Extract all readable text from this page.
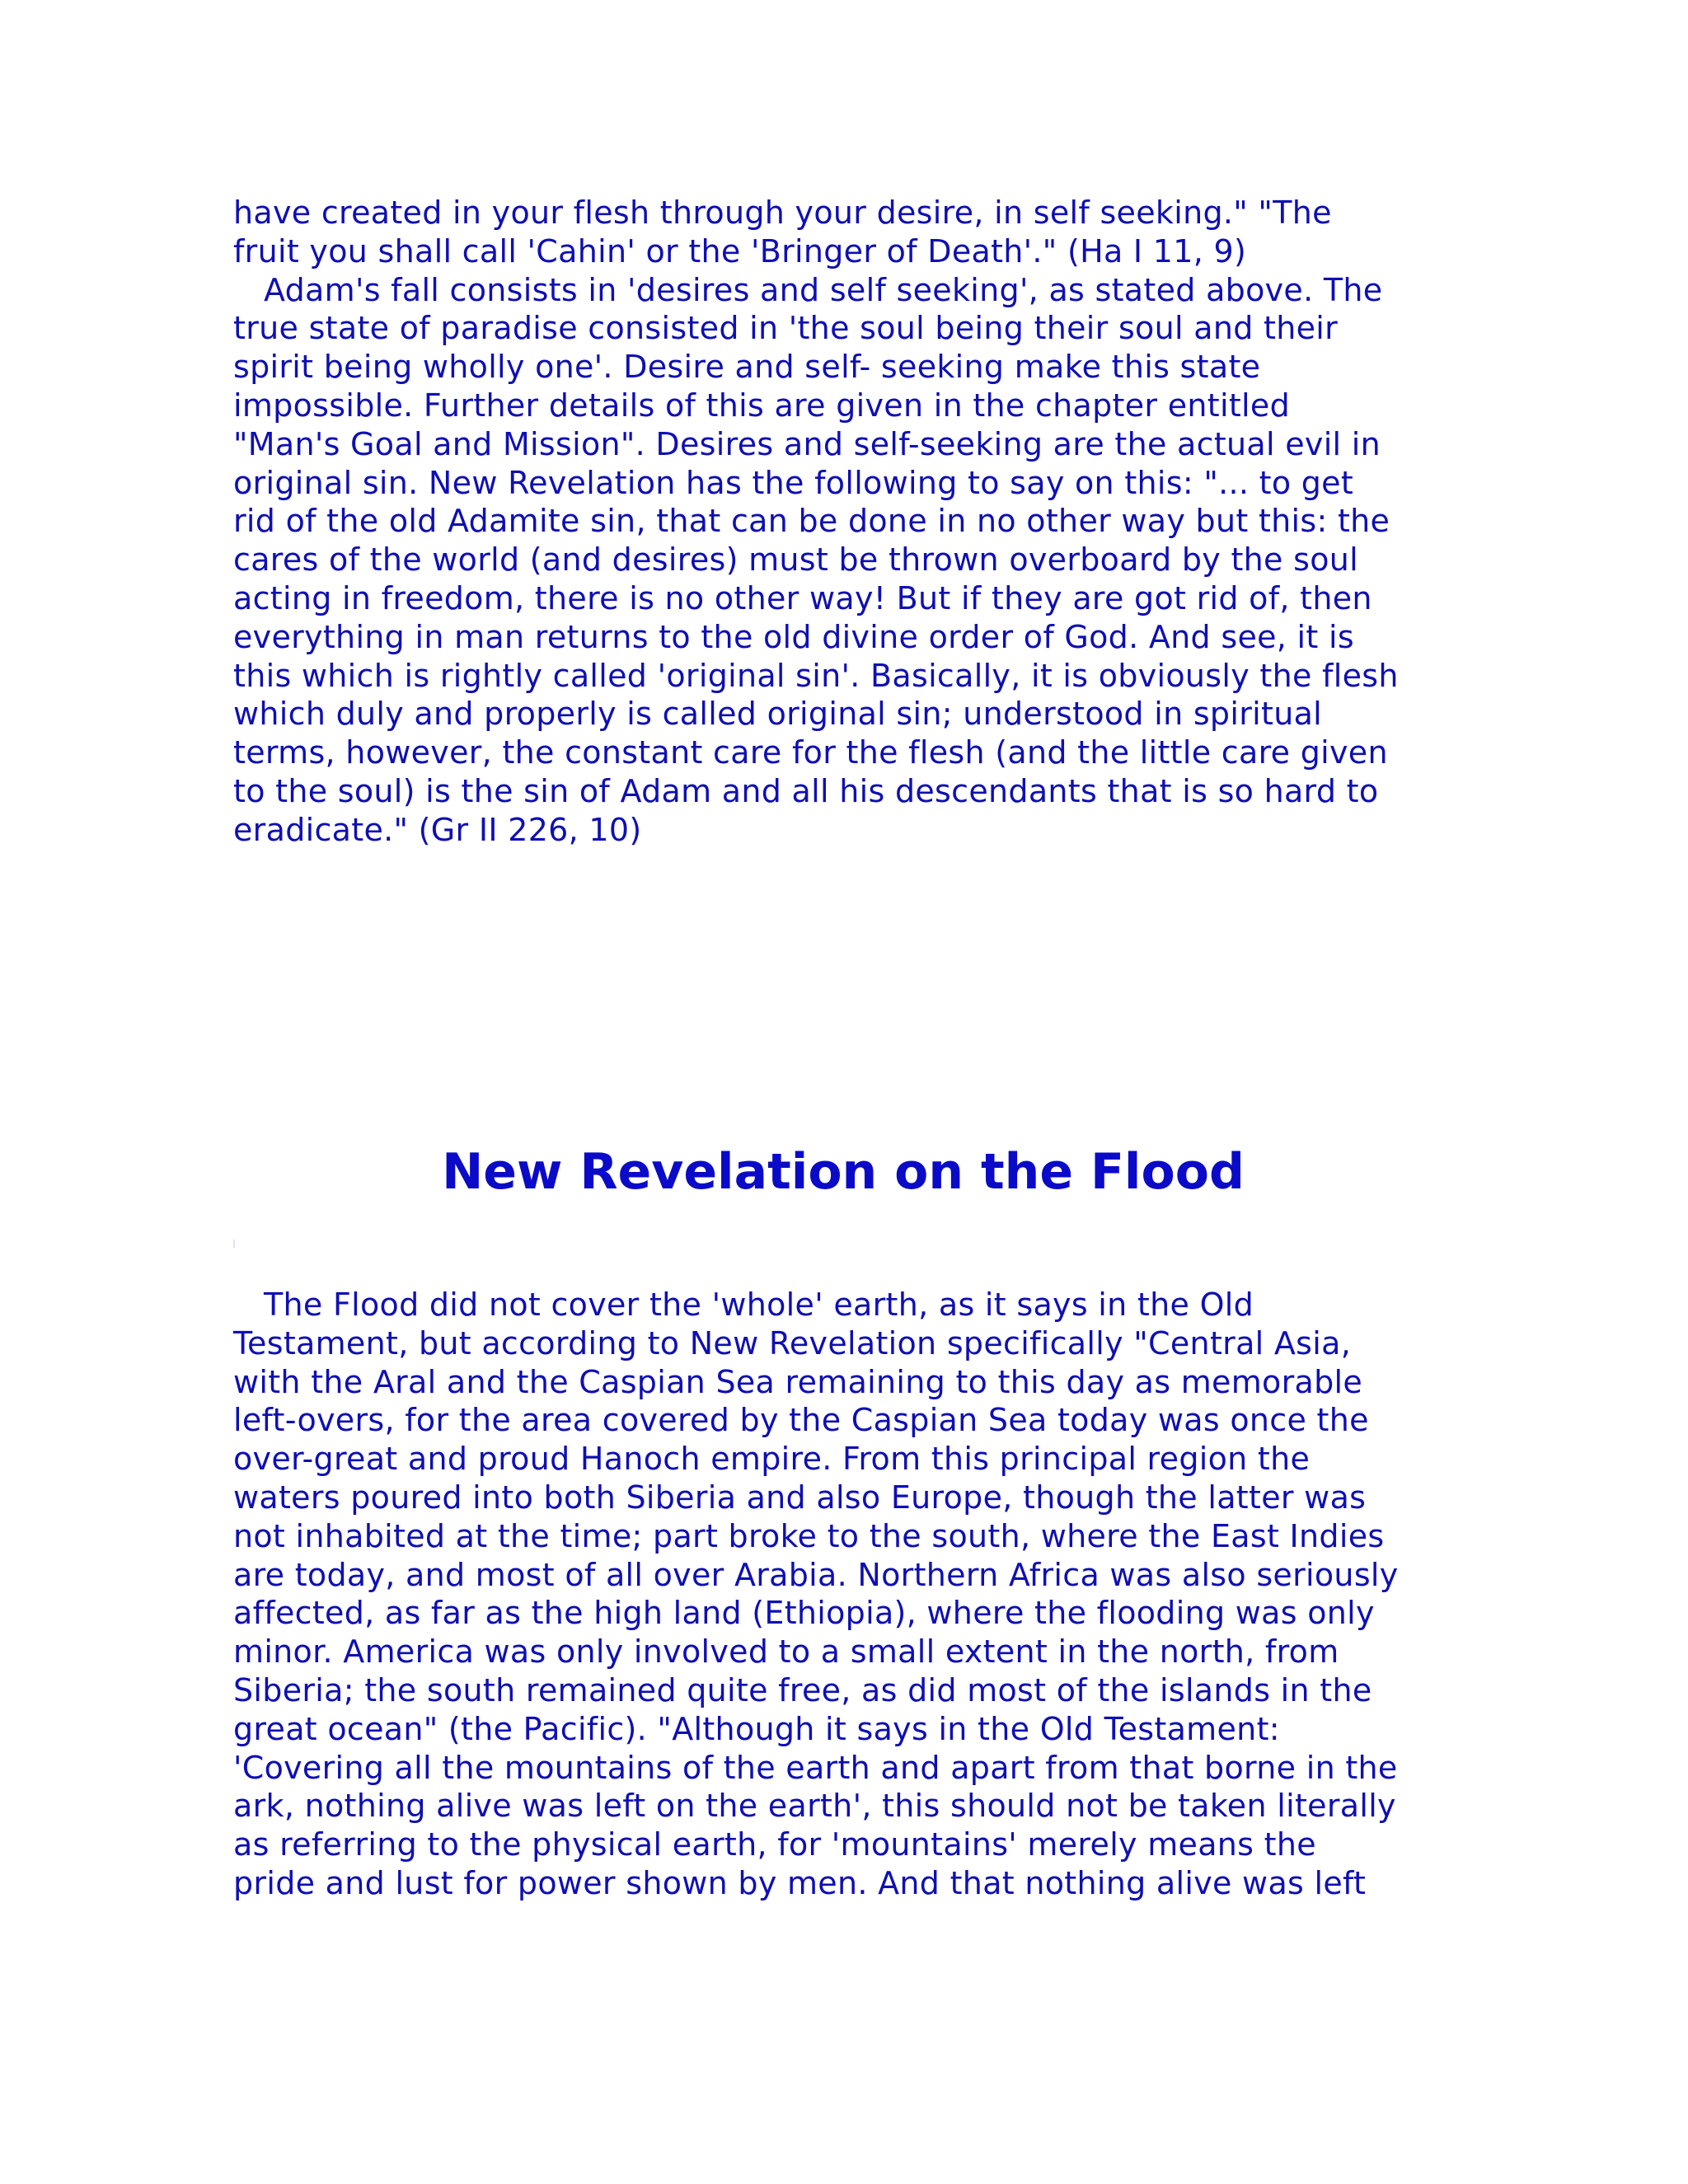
have created in your flesh through your desire, in self seeking." "The
fruit you shall call 'Cahin' or the 'Bringer of Death'." (Ha I 11, 9)

Adam's fall consists in 'desires and self seeking', as stated above. The
true state of paradise consisted in 'the soul being their soul and their
spirit being wholly one'. Desire and self- seeking make this state
impossible. Further details of this are given in the chapter entitled
"Man's Goal and Mission". Desires and self-seeking are the actual evil in
original sin. New Revelation has the following to say on this: "... to get
rid of the old Adamite sin, that can be done in no other way but this: the
cares of the world (and desires) must be thrown overboard by the soul
acting in freedom, there is no other way! But if they are got rid of, then
everything in man returns to the old divine order of God. And see, it is
this which is rightly called 'original sin'. Basically, it is obviously the flesh
which duly and properly is called original sin; understood in spiritual
terms, however, the constant care for the flesh (and the little care given
to the soul) is the sin of Adam and all his descendants that is so hard to
eradicate." (Gr II 226, 10)

New Revelation on the Flood

The Flood did not cover the 'whole' earth, as it says in the Old
Testament, but according to New Revelation specifically "Central Asia,
with the Aral and the Caspian Sea remaining to this day as memorable
left-overs, for the area covered by the Caspian Sea today was once the
over-great and proud Hanoch empire. From this principal region the
waters poured into both Siberia and also Europe, though the latter was
not inhabited at the time; part broke to the south, where the East Indies
are today, and most of all over Arabia. Northern Africa was also seriously
affected, as far as the high land (Ethiopia), where the flooding was only
minor. America was only involved to a small extent in the north, from
Siberia; the south remained quite free, as did most of the islands in the
great ocean" (the Pacific). "Although it says in the Old Testament:
'Covering all the mountains of the earth and apart from that borne in the
ark, nothing alive was left on the earth', this should not be taken literally
as referring to the physical earth, for 'mountains' merely means the
pride and lust for power shown by men. And that nothing alive was left
